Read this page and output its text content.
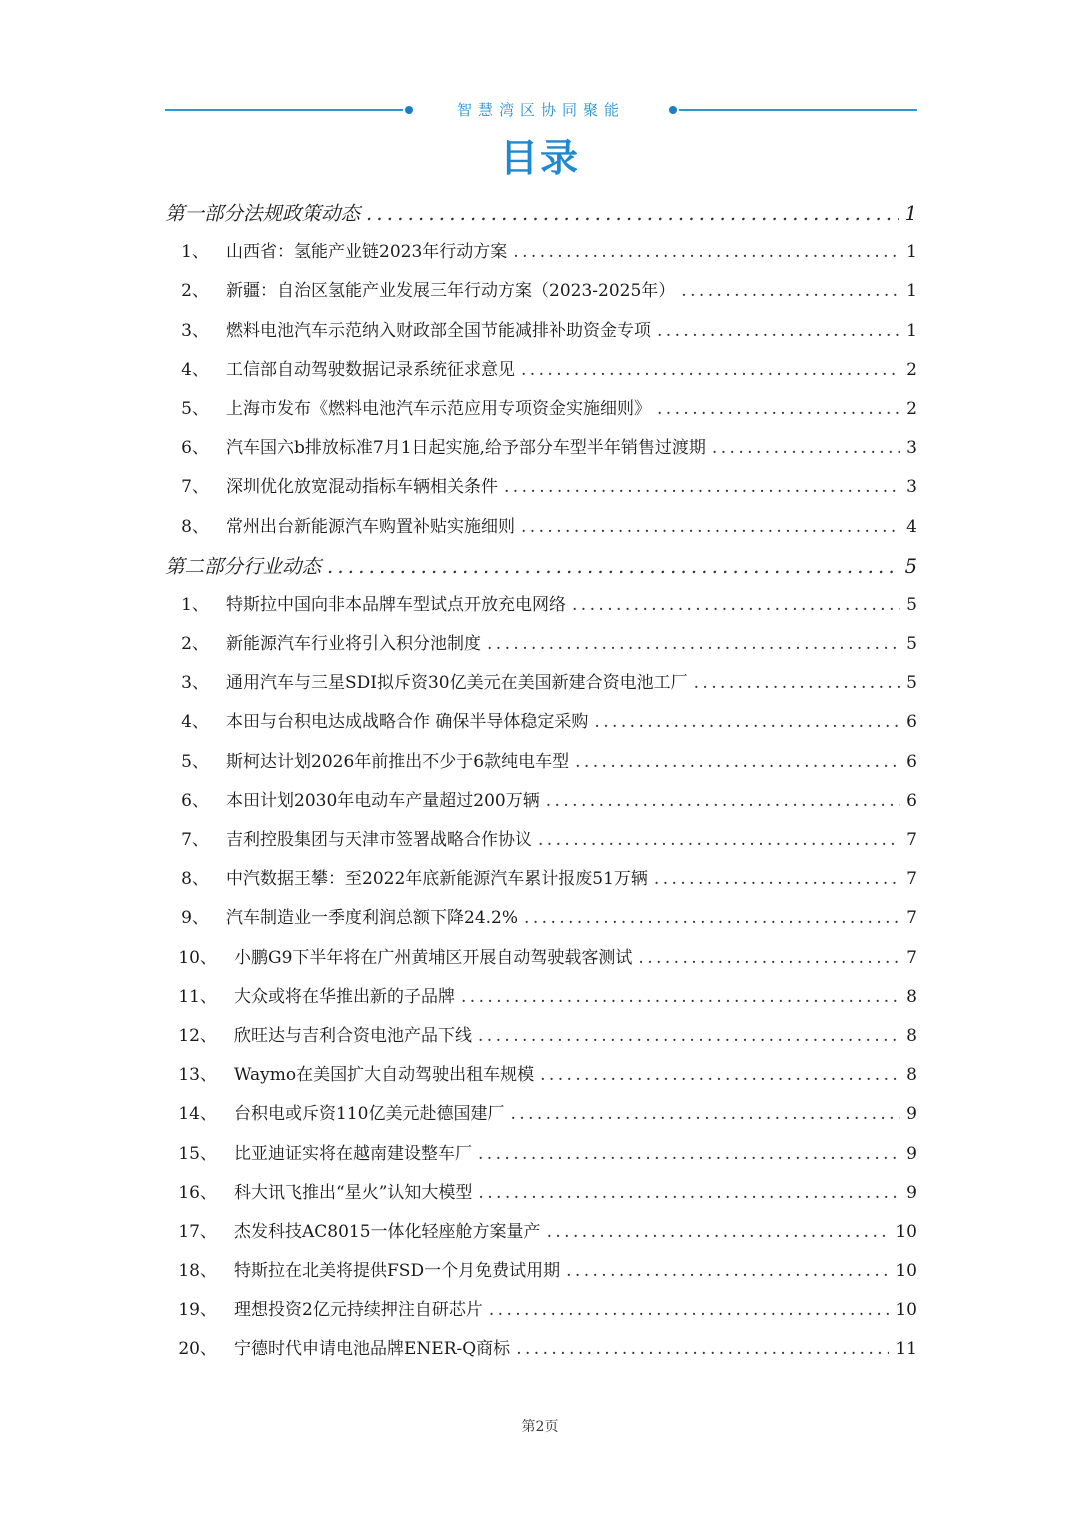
智慧湾区协同聚能
目录
第一部分法规政策动态 . . .	1
1、 山西省：氢能产业链2023年行动方案 . . .	1
2、 新疆：自治区氢能产业发展三年行动方案（2023-2025年） . . .	1
3、 燃料电池汽车示范纳入财政部全国节能减排补助资金专项 . . .	1
4、 工信部自动驾驶数据记录系统征求意见 . . .	2
5、 上海市发布《燃料电池汽车示范应用专项资金实施细则》 . . .	2
6、 汽车国六b排放标准7月1日起实施,给予部分车型半年销售过渡期 . . .	3
7、 深圳优化放宽混动指标车辆相关条件 . . .	3
8、 常州出台新能源汽车购置补贴实施细则 . . .	4
第二部分行业动态 . . .	5
1、 特斯拉中国向非本品牌车型试点开放充电网络 . . .	5
2、 新能源汽车行业将引入积分池制度 . . .	5
3、 通用汽车与三星SDI拟斥资30亿美元在美国新建合资电池工厂 . . .	5
4、 本田与台积电达成战略合作 确保半导体稳定采购 . . .	6
5、 斯柯达计划2026年前推出不少于6款纯电车型 . . .	6
6、 本田计划2030年电动车产量超过200万辆 . . .	6
7、 吉利控股集团与天津市签署战略合作协议 . . .	7
8、 中汽数据王攀：至2022年底新能源汽车累计报废51万辆 . . .	7
9、 汽车制造业一季度利润总额下降24.2% . . .	7
10、 小鹏G9下半年将在广州黄埔区开展自动驾驶载客测试 . . .	7
11、 大众或将在华推出新的子品牌 . . .	8
12、 欣旺达与吉利合资电池产品下线 . . .	8
13、 Waymo在美国扩大自动驾驶出租车规模 . . .	8
14、 台积电或斥资110亿美元赴德国建厂 . . .	9
15、 比亚迪证实将在越南建设整车厂 . . .	9
16、 科大讯飞推出“星火”认知大模型 . . .	9
17、 杰发科技AC8015一体化轻座舱方案量产 . . .	10
18、 特斯拉在北美将提供FSD一个月免费试用期 . . .	10
19、 理想投资2亿元持续押注自研芯片 . . .	10
20、 宁德时代申请电池品牌ENER-Q商标 . . .	11
第2页
